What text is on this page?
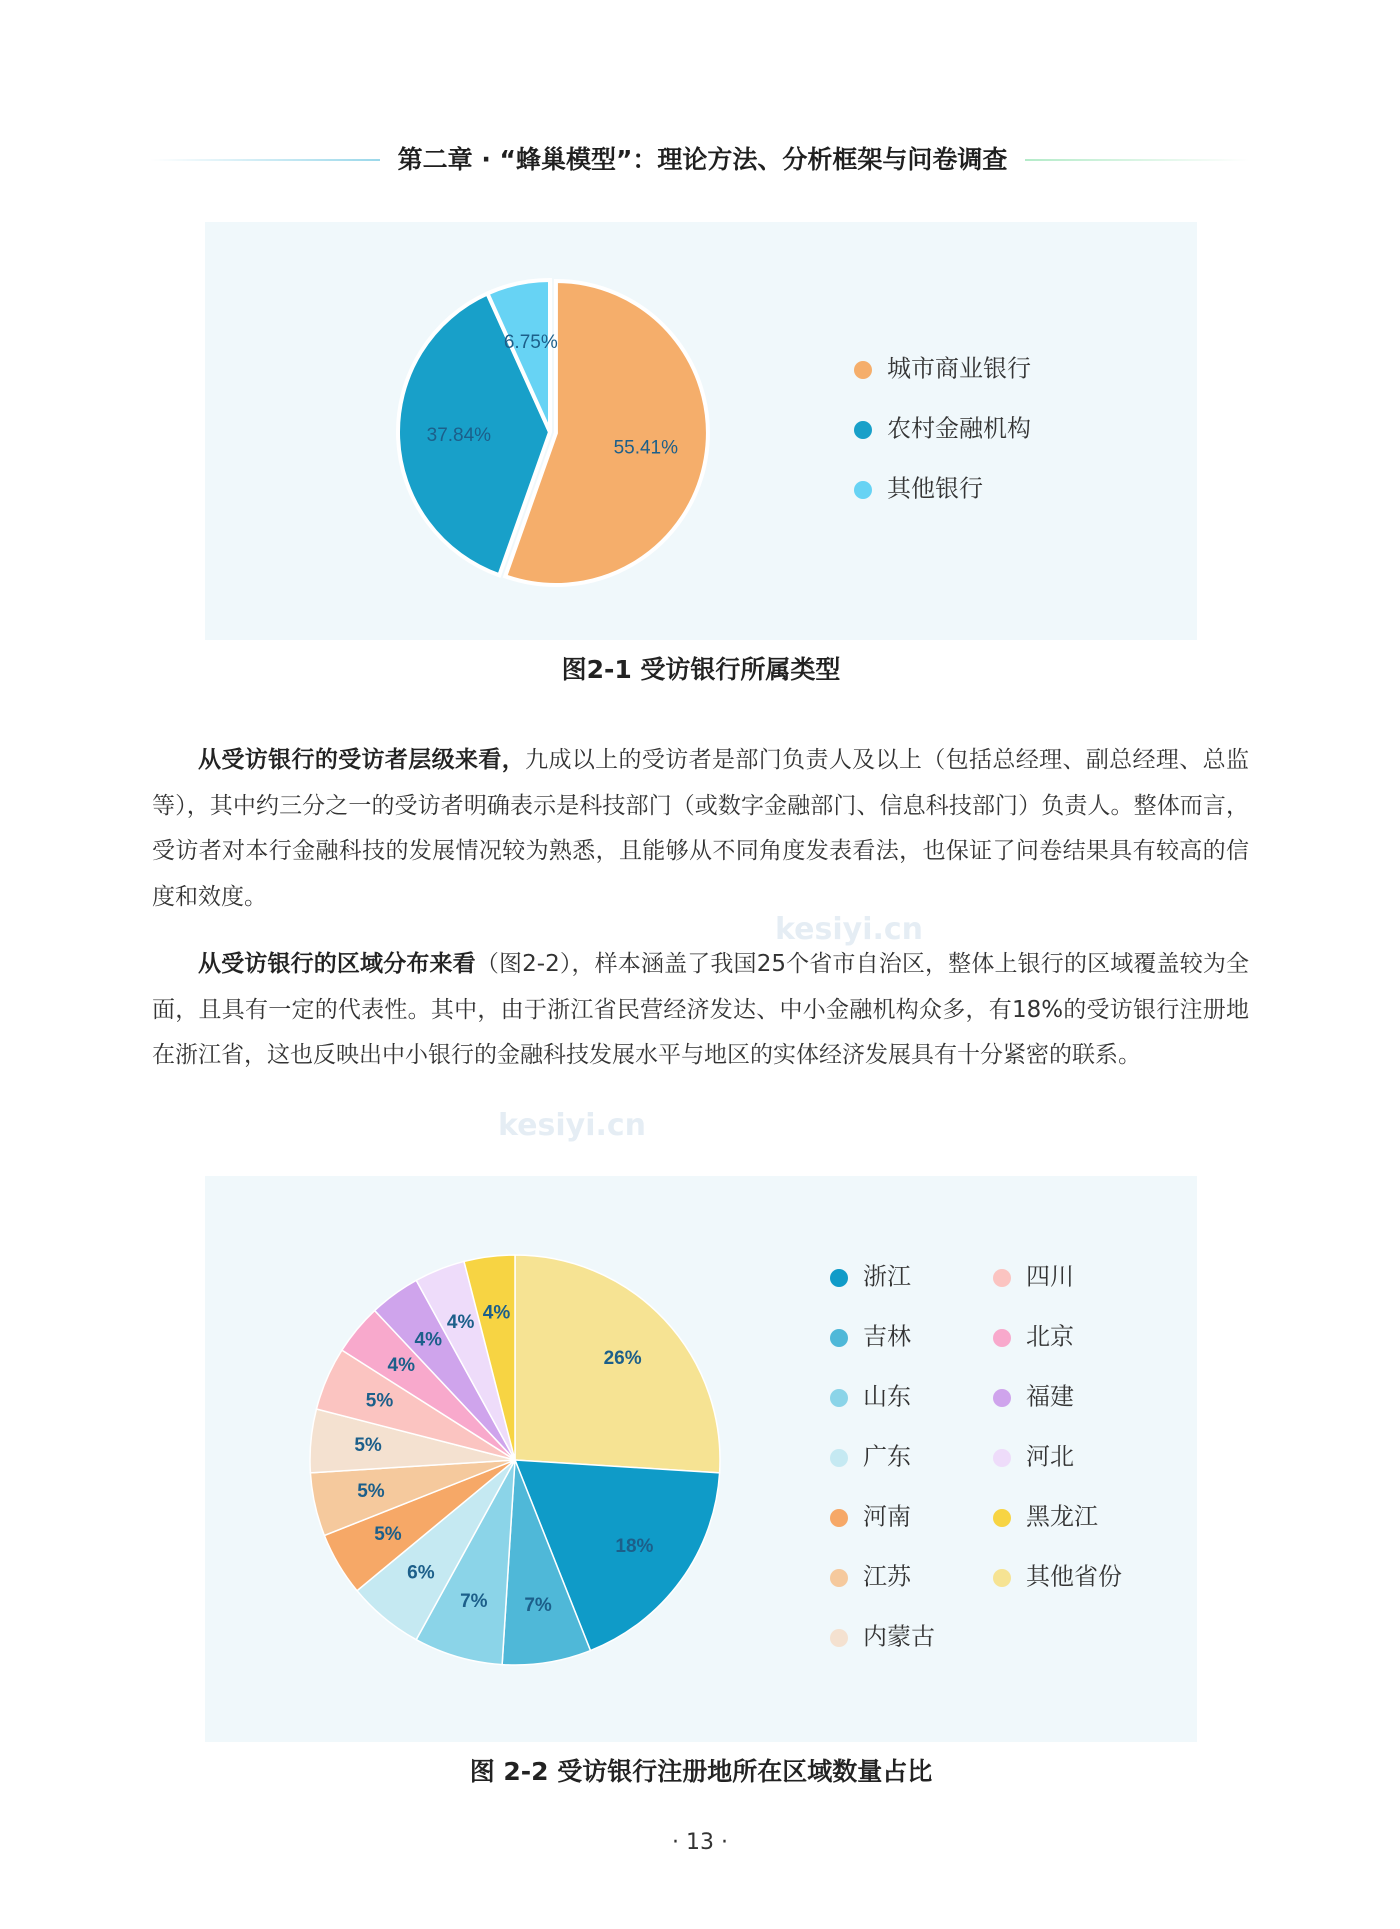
第二章 · “蜂巢模型”：理论方法、分析框架与问卷调查
55.41%
37.84%
6.75%
城市商业银行
农村金融机构
其他银行
图2-1 受访银行所属类型

从受访银行的受访者层级来看，九成以上的受访者是部门负责人及以上（包括总经理、副总经理、总监等），其中约三分之一的受访者明确表示是科技部门（或数字金融部门、信息科技部门）负责人。整体而言，受访者对本行金融科技的发展情况较为熟悉，且能够从不同角度发表看法，也保证了问卷结果具有较高的信度和效度。

从受访银行的区域分布来看（图2-2），样本涵盖了我国25个省市自治区，整体上银行的区域覆盖较为全面，且具有一定的代表性。其中，由于浙江省民营经济发达、中小金融机构众多，有18%的受访银行注册地在浙江省，这也反映出中小银行的金融科技发展水平与地区的实体经济发展具有十分紧密的联系。

kesiyi.cn
kesiyi.cn
26%
18%
7%
7%
6%
5%
5%
5%
5%
4%
4%
4% 4%
浙江
吉林
山东
广东
河南
江苏
内蒙古
四川
北京
福建
河北
黑龙江
其他省份
图 2-2 受访银行注册地所在区域数量占比
· 13 ·
